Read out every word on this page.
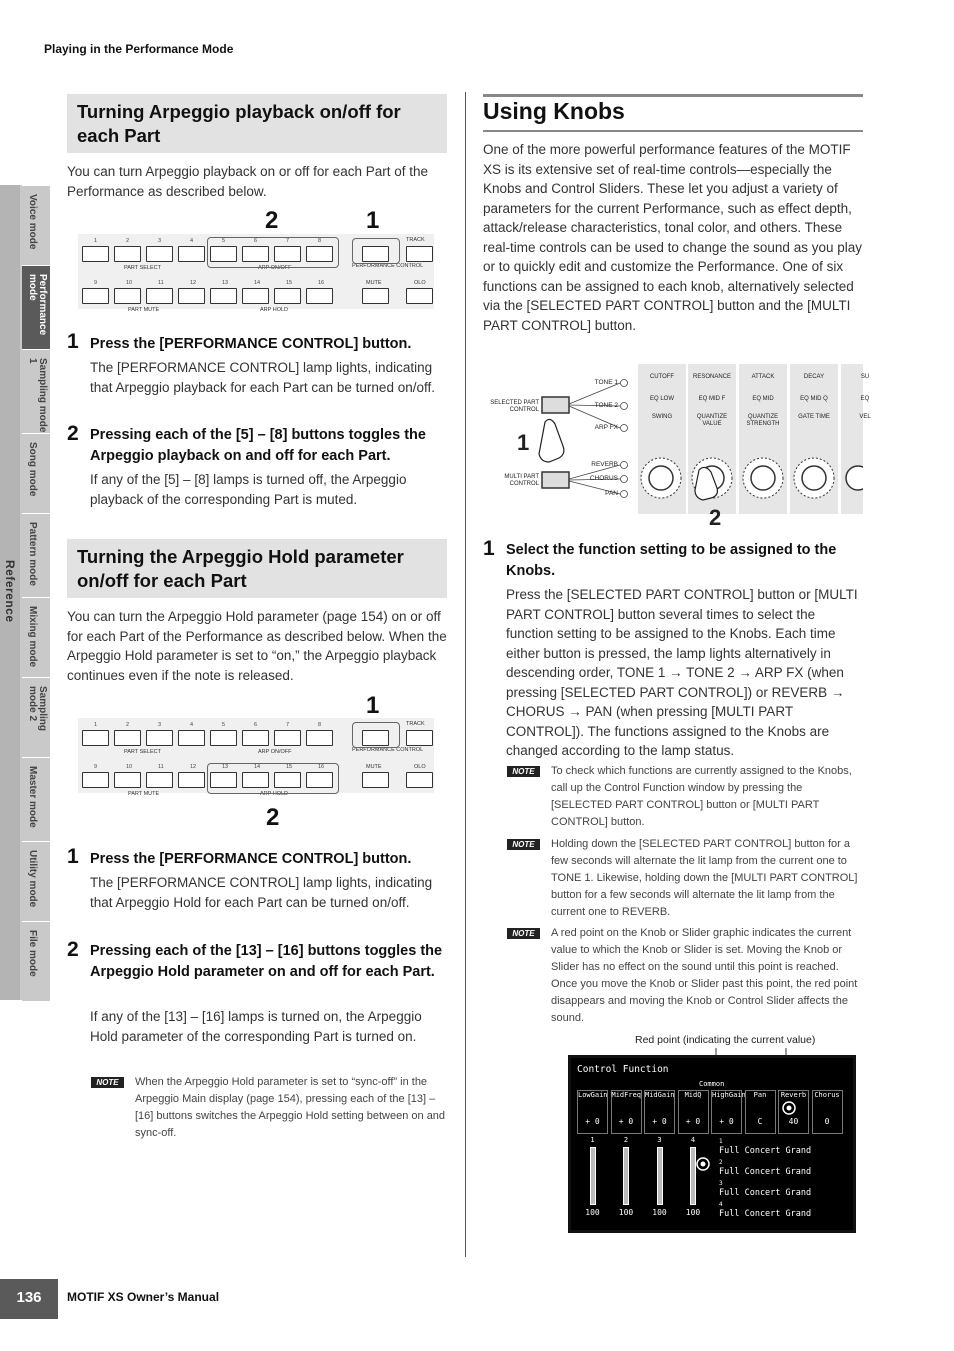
Playing in the Performance Mode
Reference
Voice mode
Performance mode
Sampling mode 1
Song mode
Pattern mode
Mixing mode
Sampling mode 2
Master mode
Utility mode
File mode
Turning Arpeggio playback on/off for each Part
You can turn Arpeggio playback on or off for each Part of the Performance as described below.
1
9
2
10
3
11
4
12
5
13
6
14
7
15
8
16
PART SELECT	ARP ON/OFF
PART MUTE	ARP HOLD
TRACK
MUTE	OLO
PERFORMANCE CONTROL
2	1
1 Press the [PERFORMANCE CONTROL] button.
The [PERFORMANCE CONTROL] lamp lights, indicating that Arpeggio playback for each Part can be turned on/off.
2 Pressing each of the [5] – [8] buttons toggles the Arpeggio playback on and off for each Part.
If any of the [5] – [8] lamps is turned off, the Arpeggio playback of the corresponding Part is muted.
Turning the Arpeggio Hold parameter on/off for each Part
You can turn the Arpeggio Hold parameter (page 154) on or off for each Part of the Performance as described below. When the Arpeggio Hold parameter is set to “on,” the Arpeggio playback continues even if the note is released.
1
9
2
10
3
11
4
12
5
13
6
14
7
15
8
16
PART SELECT	ARP ON/OFF
PART MUTE	ARP HOLD
TRACK
MUTE	OLO
PERFORMANCE CONTROL
1
2
1 Press the [PERFORMANCE CONTROL] button.
The [PERFORMANCE CONTROL] lamp lights, indicating that Arpeggio Hold for each Part can be turned on/off.
2 Pressing each of the [13] – [16] buttons toggles the Arpeggio Hold parameter on and off for each Part.
If any of the [13] – [16] lamps is turned on, the Arpeggio Hold parameter of the corresponding Part is turned on.
NOTE	When the Arpeggio Hold parameter is set to “sync-off” in the Arpeggio Main display (page 154), pressing each of the [13] – [16] buttons switches the Arpeggio Hold setting between on and sync-off.
Using Knobs
One of the more powerful performance features of the MOTIF XS is its extensive set of real-time controls—especially the Knobs and Control Sliders. These let you adjust a variety of parameters for the current Performance, such as effect depth, attack/release characteristics, tonal color, and others. These real-time controls can be used to change the sound as you play or to quickly edit and customize the Performance. One of six functions can be assigned to each knob, alternatively selected via the [SELECTED PART CONTROL] button and the [MULTI PART CONTROL] button.
SELECTED PART CONTROL
MULTI PART CONTROL
TONE 1
TONE 2
ARP FX
REVERB
CHORUS
PAN
CUTOFF
EQ LOW
SWING
RESONANCE
EQ MID F
QUANTIZE VALUE
ATTACK
EQ MID
QUANTIZE STRENGTH
DECAY
EQ MID Q
GATE TIME
SU
EQ
VEL
1
2
1 Select the function setting to be assigned to the Knobs.
Press the [SELECTED PART CONTROL] button or [MULTI PART CONTROL] button several times to select the function setting to be assigned to the Knobs. Each time either button is pressed, the lamp lights alternatively in descending order, TONE 1 → TONE 2 → ARP FX (when pressing [SELECTED PART CONTROL]) or REVERB → CHORUS → PAN (when pressing [MULTI PART CONTROL]). The functions assigned to the Knobs are changed according to the lamp status.
NOTE	To check which functions are currently assigned to the Knobs, call up the Control Function window by pressing the [SELECTED PART CONTROL] button or [MULTI PART CONTROL] button.
NOTE	Holding down the [SELECTED PART CONTROL] button for a few seconds will alternate the lit lamp from the current one to TONE 1. Likewise, holding down the [MULTI PART CONTROL] button for a few seconds will alternate the lit lamp from the current one to REVERB.
NOTE	A red point on the Knob or Slider graphic indicates the current value to which the Knob or Slider is set. Moving the Knob or Slider has no effect on the sound until this point is reached. Once you move the Knob or Slider past this point, the red point disappears and moving the Knob or Control Slider affects the sound.
Red point (indicating the current value)
Control Function
Common
LowGain
+ 0
MidFreq
+ 0
MidGain
+ 0
MidQ
+ 0
HighGain
+ 0
Pan
C
Reverb
40
Chorus
0
1
100
2
100
3
100
4
100
1
Full Concert Grand
2
Full Concert Grand
3
Full Concert Grand
4
Full Concert Grand
136	MOTIF XS Owner’s Manual
